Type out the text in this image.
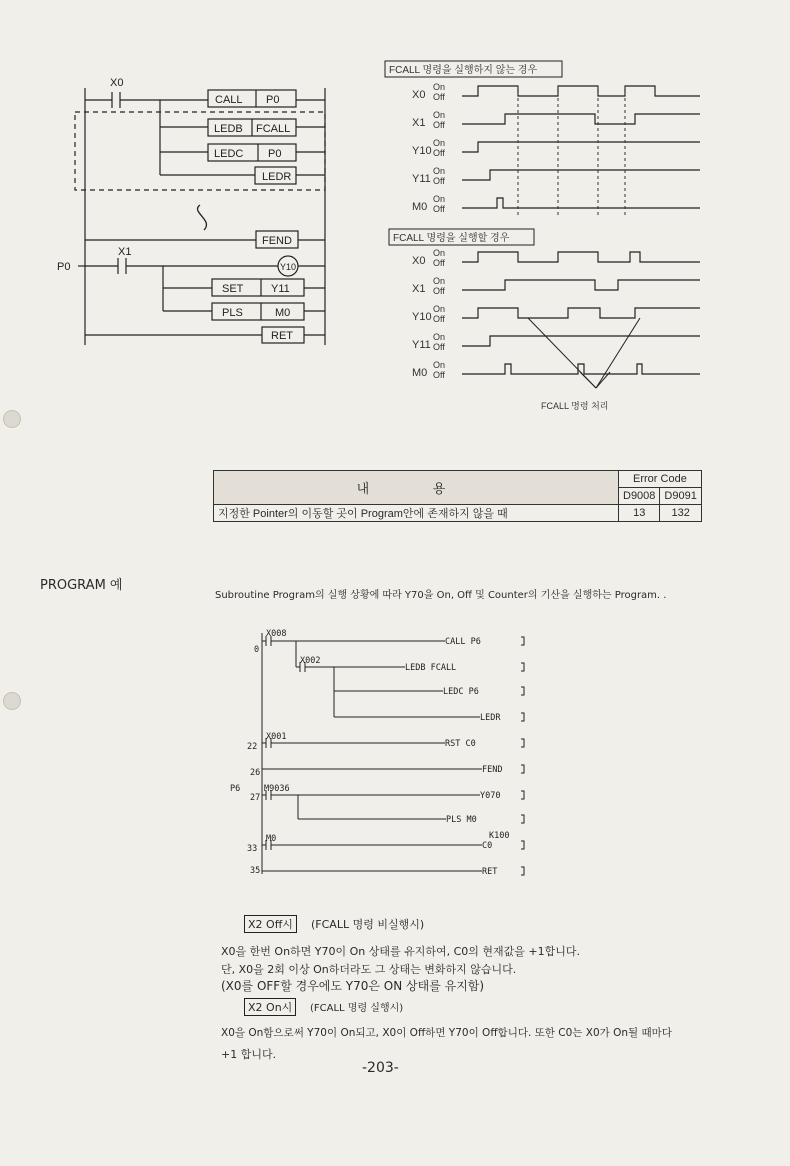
X0
X1
P0
CALL P0
LEDB FCALL
LEDC P0
LEDR
FEND
Y10
SET	Y11
PLS	M0
RET
FCALL 명령을 실행하지 않는 경우
FCALL 명령을 실행할 경우
X0
On
Off
X1
On
Off
Y10
On
Off
Y11
On
Off
M0
On
Off
X0
On
Off
X1
On
Off
Y10
On
Off
Y11
On
Off
M0
On
Off
FCALL 명령 처리
내 용	Error Code	
	D9008	D9091
지정한 Pointer의 이동할 곳이 Program안에 존재하지 않을 때	13	132
PROGRAM 예
Subroutine Program의 실행 상황에 따라 Y70을 On, Off 및 Counter의 기산을 실행하는 Program. .
0
22
26
27
P6
33
35
X008
X002
X001
M9036
M0
CALL P6
LEDB FCALL
LEDC P6
LEDR
RST C0
FEND
Y070
PLS M0
K100
C0
RET
X2 Off시	(FCALL 명령 비실행시)
X0을 한번 On하면 Y70이 On 상태를 유지하여, C0의 현재값을 +1합니다.
단, X0을 2회 이상 On하더라도 그 상태는 변화하지 않습니다.
(X0를 OFF할 경우에도 Y70은 ON 상태를 유지함)
X2 On시	(FCALL 명령 실행시)
X0을 On함으로써 Y70이 On되고, X0이 Off하면 Y70이 Off합니다. 또한 C0는 X0가 On될 때마다
+1 합니다.
-203-
